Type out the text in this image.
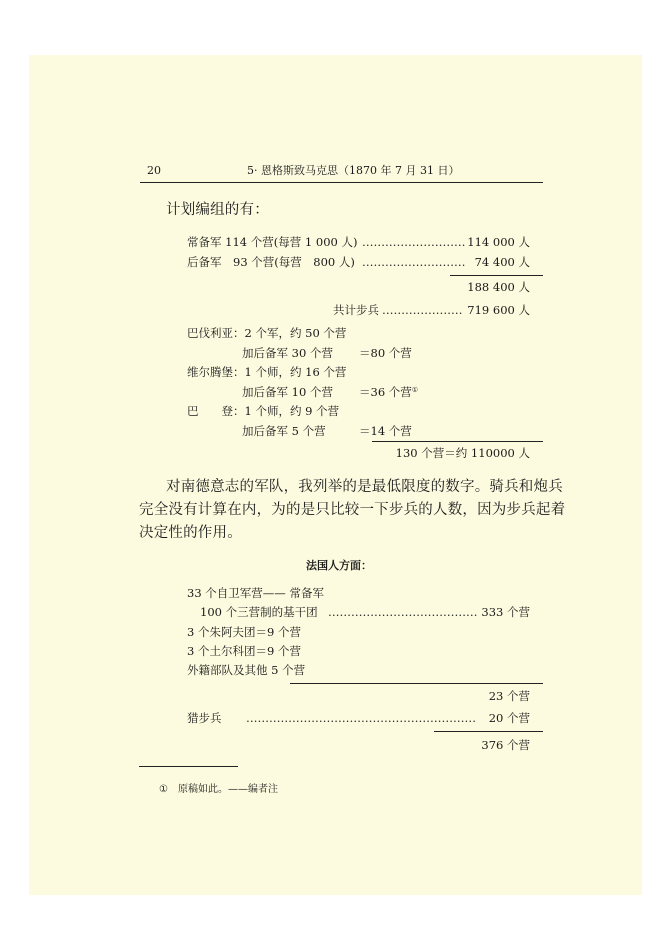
20	5· 恩格斯致马克思（1870 年 7 月 31 日）
计划编组的有：
常备军 114 个营(每营 1 000 人) ……………………… 114 000 人
后备军　93 个营(每营　800 人) ……………………… 74 400 人
188 400 人
共计步兵 ………………… 719 600 人
巴伐利亚：2 个军，约 50 个营
加后备军 30 个营 ＝80 个营
维尔腾堡：1 个师，约 16 个营
加后备军 10 个营 ＝36 个营①
巴　　登：1 个师，约 9 个营
加后备军 5 个营	＝14 个营
130 个营＝约 110000 人
对南德意志的军队，我列举的是最低限度的数字。骑兵和炮兵
完全没有计算在内，为的是只比较一下步兵的人数，因为步兵起着
决定性的作用。
法国人方面：
33 个自卫军营—— 常备军
100 个三营制的基干团 ………………………………… 333 个营
3 个朱阿夫团＝9 个营
3 个土尔科团＝9 个营
外籍部队及其他 5 个营
23 个营
猎步兵 ……………………………………………………	20 个营
376 个营
① 原稿如此。——编者注
